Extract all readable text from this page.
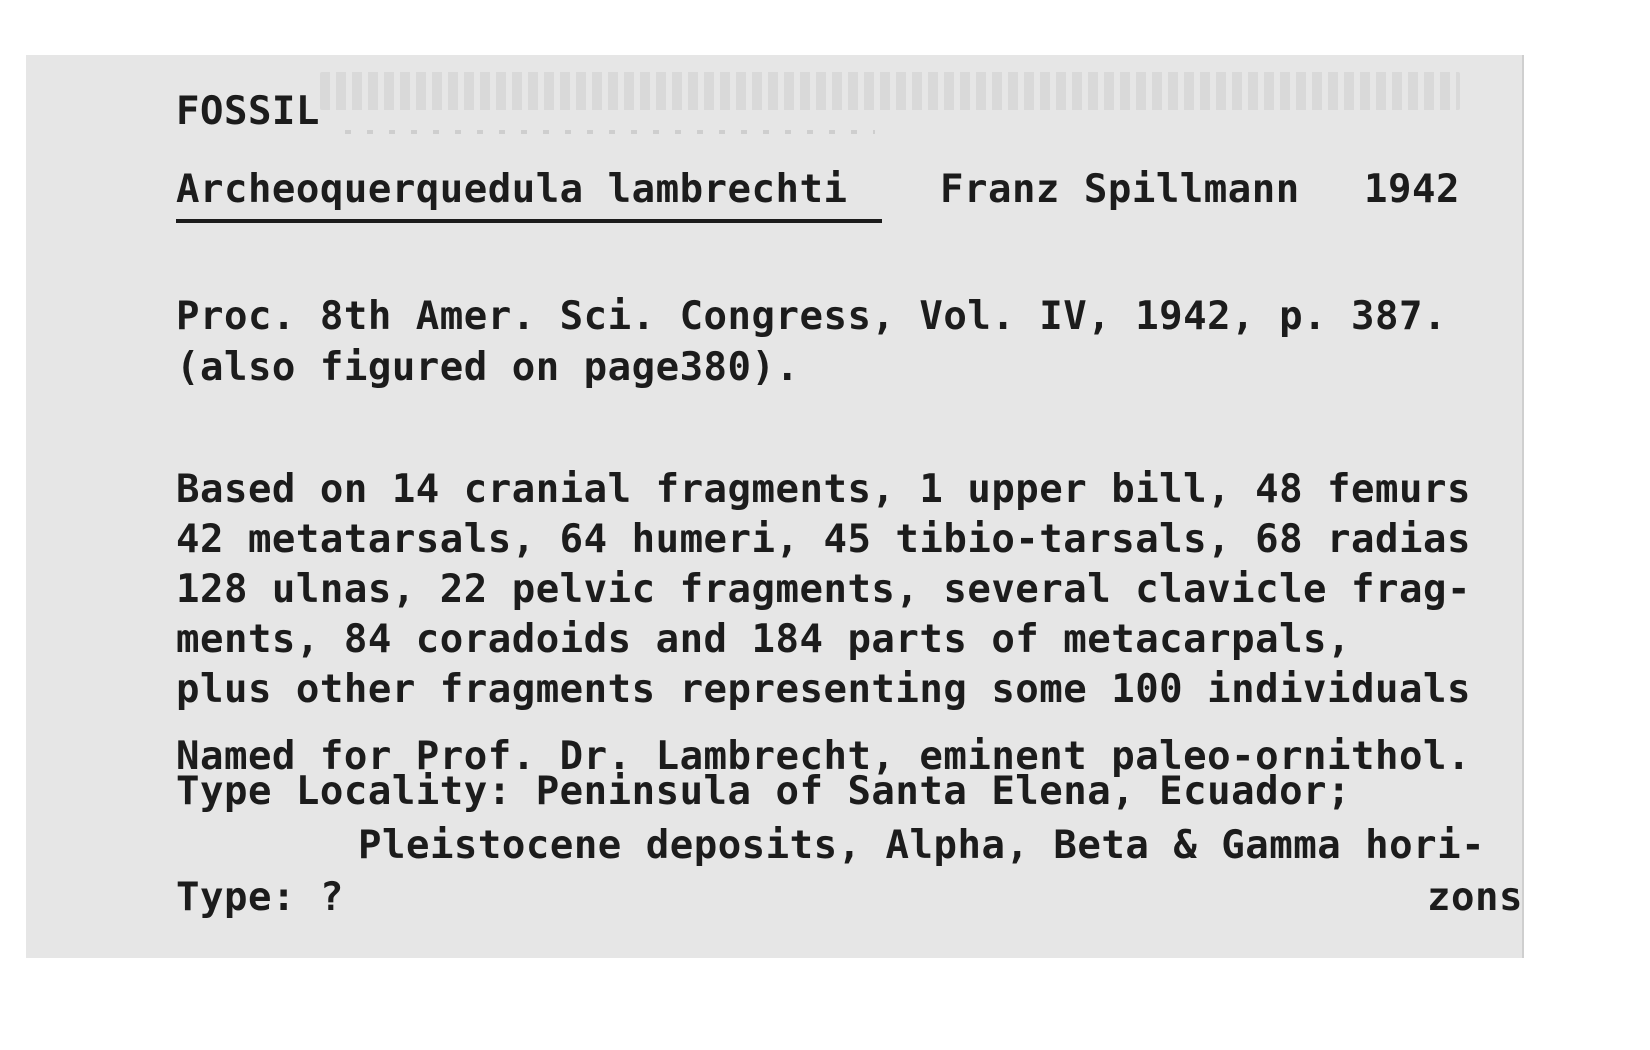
FOSSIL

Archeoquerquedula lambrechti Franz Spillmann 1942

Proc. 8th Amer. Sci. Congress, Vol. IV, 1942, p. 387.

(also figured on page380).

Based on 14 cranial fragments, 1 upper bill, 48 femurs

42 metatarsals, 64 humeri, 45 tibio-tarsals, 68 radias

128 ulnas, 22 pelvic fragments, several clavicle frag-

ments, 84 coradoids and 184 parts of metacarpals,

plus other fragments representing some 100 individuals

Named for Prof. Dr. Lambrecht, eminent paleo-ornithol.

Type Locality: Peninsula of Santa Elena, Ecuador;

Pleistocene deposits, Alpha, Beta & Gamma hori-

Type: ?	zons
